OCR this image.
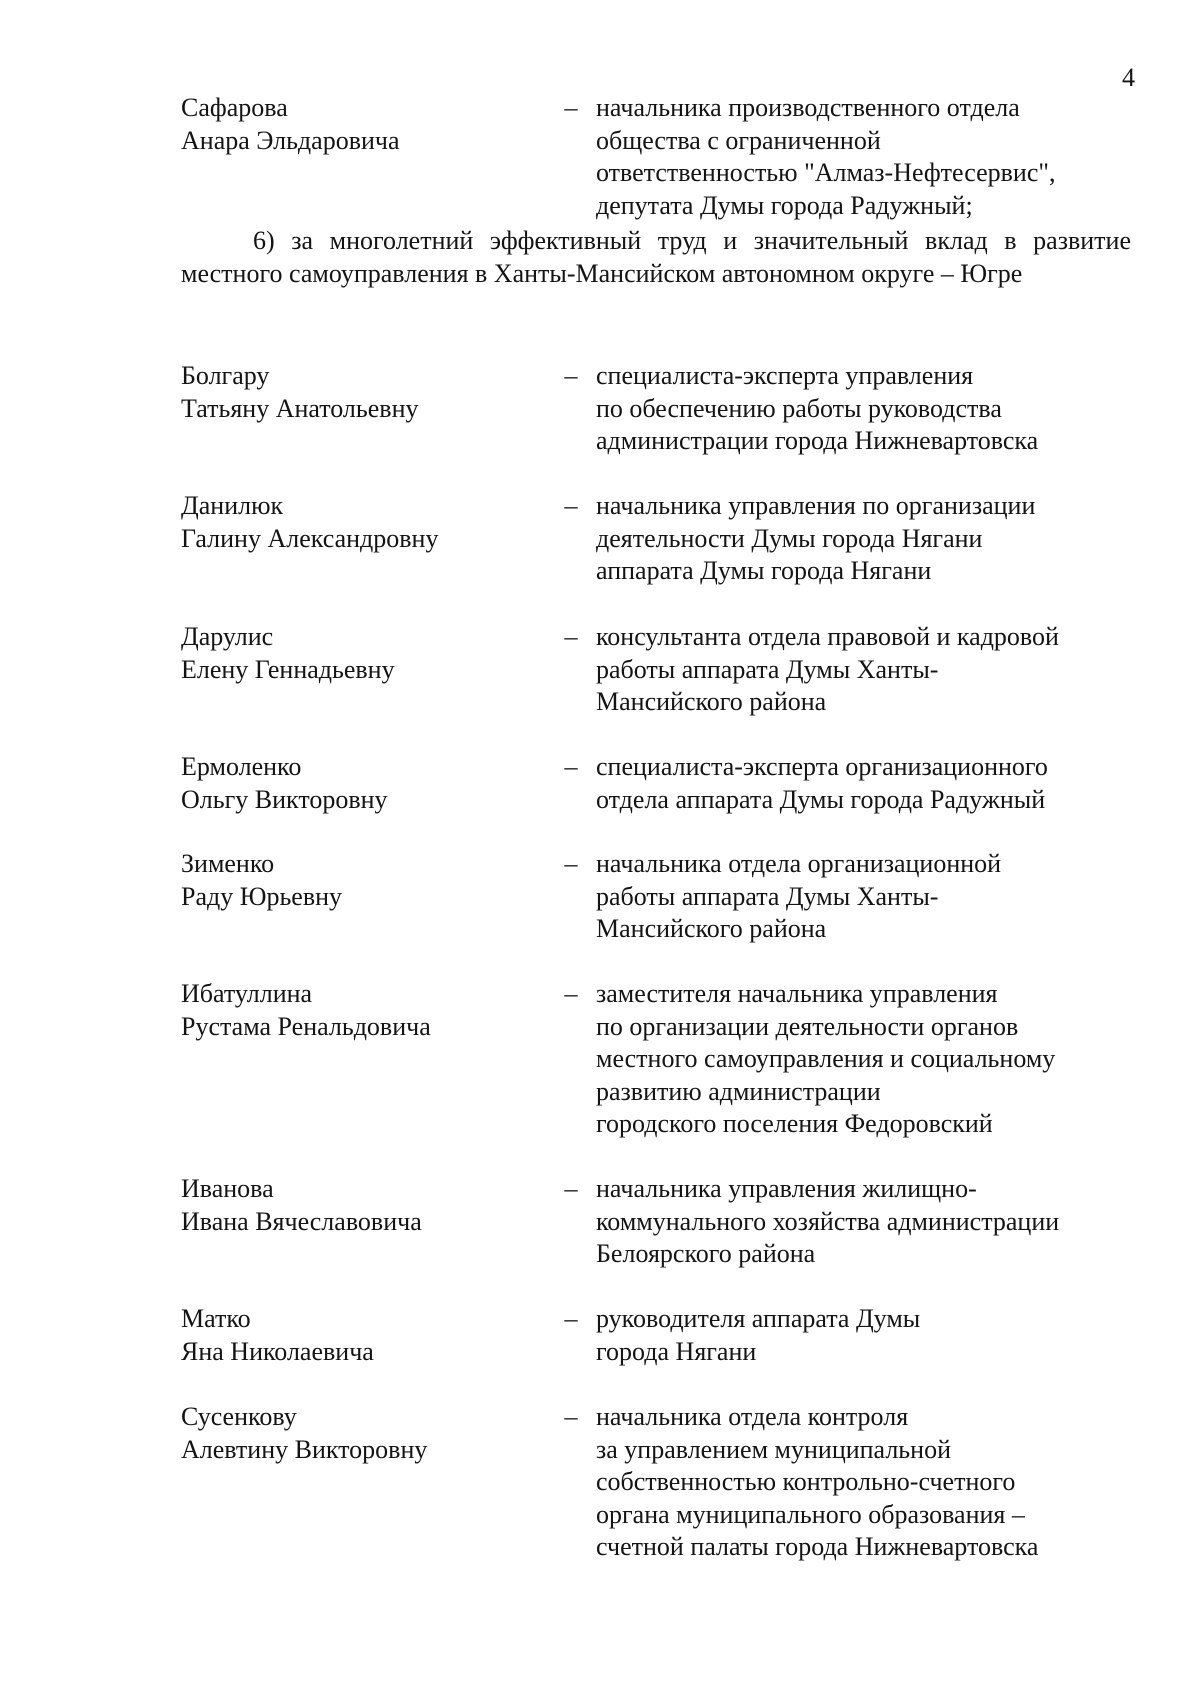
4
Сафарова
Анара Эльдаровича
– начальника производственного отдела
общества с ограниченной
ответственностью "Алмаз-Нефтесервис",
депутата Думы города Радужный;
6) за многолетний эффективный труд и значительный вклад в развитие местного самоуправления в Ханты-Мансийском автономном округе – Югре
Болгару
Татьяну Анатольевну
– специалиста-эксперта управления
по обеспечению работы руководства
администрации города Нижневартовска
Данилюк
Галину Александровну
– начальника управления по организации
деятельности Думы города Нягани
аппарата Думы города Нягани
Дарулис
Елену Геннадьевну
– консультанта отдела правовой и кадровой
работы аппарата Думы Ханты-
Мансийского района
Ермоленко
Ольгу Викторовну
– специалиста-эксперта организационного
отдела аппарата Думы города Радужный
Зименко
Раду Юрьевну
– начальника отдела организационной
работы аппарата Думы Ханты-
Мансийского района
Ибатуллина
Рустама Ренальдовича
– заместителя начальника управления
по организации деятельности органов
местного самоуправления и социальному
развитию администрации
городского поселения Федоровский
Иванова
Ивана Вячеславовича
– начальника управления жилищно-
коммунального хозяйства администрации
Белоярского района
Матко
Яна Николаевича
– руководителя аппарата Думы
города Нягани
Сусенкову
Алевтину Викторовну
– начальника отдела контроля
за управлением муниципальной
собственностью контрольно-счетного
органа муниципального образования –
счетной палаты города Нижневартовска
